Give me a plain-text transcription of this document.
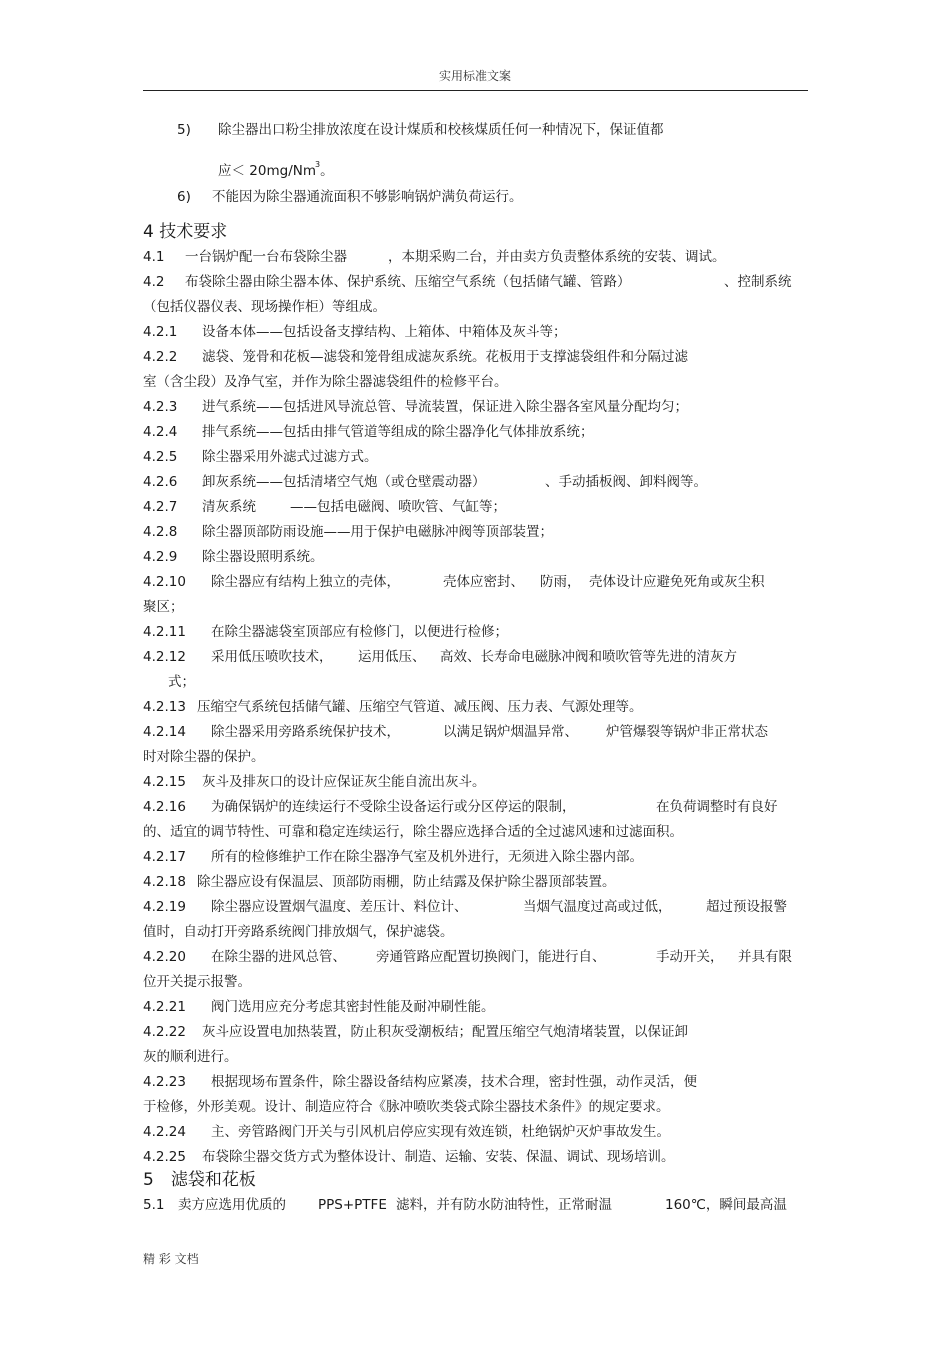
实用标准文案
5) 除尘器出口粉尘排放浓度在设计煤质和校核煤质任何一种情况下，保证值都
应＜ $20mg/Nm^3$。
6) 不能因为除尘器通流面积不够影响锅炉满负荷运行。
4 技术要求
4.1 一台锅炉配一台布袋除尘器	，本期采购二台，并由卖方负责整体系统的安装、调试。
4.2 布袋除尘器由除尘器本体、保护系统、压缩空气系统（包括储气罐、管路）	、控制系统
（包括仪器仪表、现场操作柜）等组成。
4.2.1 设备本体——包括设备支撑结构、上箱体、中箱体及灰斗等；
4.2.2 滤袋、笼骨和花板—滤袋和笼骨组成滤灰系统。花板用于支撑滤袋组件和分隔过滤
室（含尘段）及净气室，并作为除尘器滤袋组件的检修平台。
4.2.3 进气系统——包括进风导流总管、导流装置，保证进入除尘器各室风量分配均匀；
4.2.4 排气系统——包括由排气管道等组成的除尘器净化气体排放系统；
4.2.5 除尘器采用外滤式过滤方式。
4.2.6 卸灰系统——包括清堵空气炮（或仓壁震动器）	、手动插板阀、卸料阀等。
4.2.7 清灰系统	——包括电磁阀、喷吹管、气缸等；
4.2.8 除尘器顶部防雨设施——用于保护电磁脉冲阀等顶部装置；
4.2.9 除尘器设照明系统。
4.2.10 除尘器应有结构上独立的壳体，	壳体应密封、 防雨， 壳体设计应避免死角或灰尘积
聚区；
4.2.11 在除尘器滤袋室顶部应有检修门，以便进行检修；
4.2.12 采用低压喷吹技术， 运用低压、 高效、长寿命电磁脉冲阀和喷吹管等先进的清灰方
式；
4.2.13 压缩空气系统包括储气罐、压缩空气管道、减压阀、压力表、气源处理等。
4.2.14 除尘器采用旁路系统保护技术，	以满足锅炉烟温异常、 炉管爆裂等锅炉非正常状态
时对除尘器的保护。
4.2.15 灰斗及排灰口的设计应保证灰尘能自流出灰斗。
4.2.16 为确保锅炉的连续运行不受除尘设备运行或分区停运的限制，	在负荷调整时有良好
的、适宜的调节特性、可靠和稳定连续运行，除尘器应选择合适的全过滤风速和过滤面积。
4.2.17 所有的检修维护工作在除尘器净气室及机外进行，无须进入除尘器内部。
4.2.18 除尘器应设有保温层、顶部防雨棚，防止结露及保护除尘器顶部装置。
4.2.19 除尘器应设置烟气温度、差压计、料位计、	当烟气温度过高或过低，	超过预设报警
值时，自动打开旁路系统阀门排放烟气，保护滤袋。
4.2.20 在除尘器的进风总管、 旁通管路应配置切换阀门，能进行自、	手动开关， 并具有限
位开关提示报警。
4.2.21 阀门选用应充分考虑其密封性能及耐冲刷性能。
4.2.22 灰斗应设置电加热装置，防止积灰受潮板结；配置压缩空气炮清堵装置，以保证卸
灰的顺利进行。
4.2.23 根据现场布置条件，除尘器设备结构应紧凑，技术合理，密封性强，动作灵活，便
于检修，外形美观。设计、制造应符合《脉冲喷吹类袋式除尘器技术条件》的规定要求。
4.2.24 主、旁管路阀门开关与引风机启停应实现有效连锁，杜绝锅炉灭炉事故发生。
4.2.25 布袋除尘器交货方式为整体设计、制造、运输、安装、保温、调试、现场培训。
5　滤袋和花板
5.1 卖方应选用优质的 PPS+PTFE 滤料，并有防水防油特性，正常耐温	160℃，瞬间最高温
精 彩 文档
